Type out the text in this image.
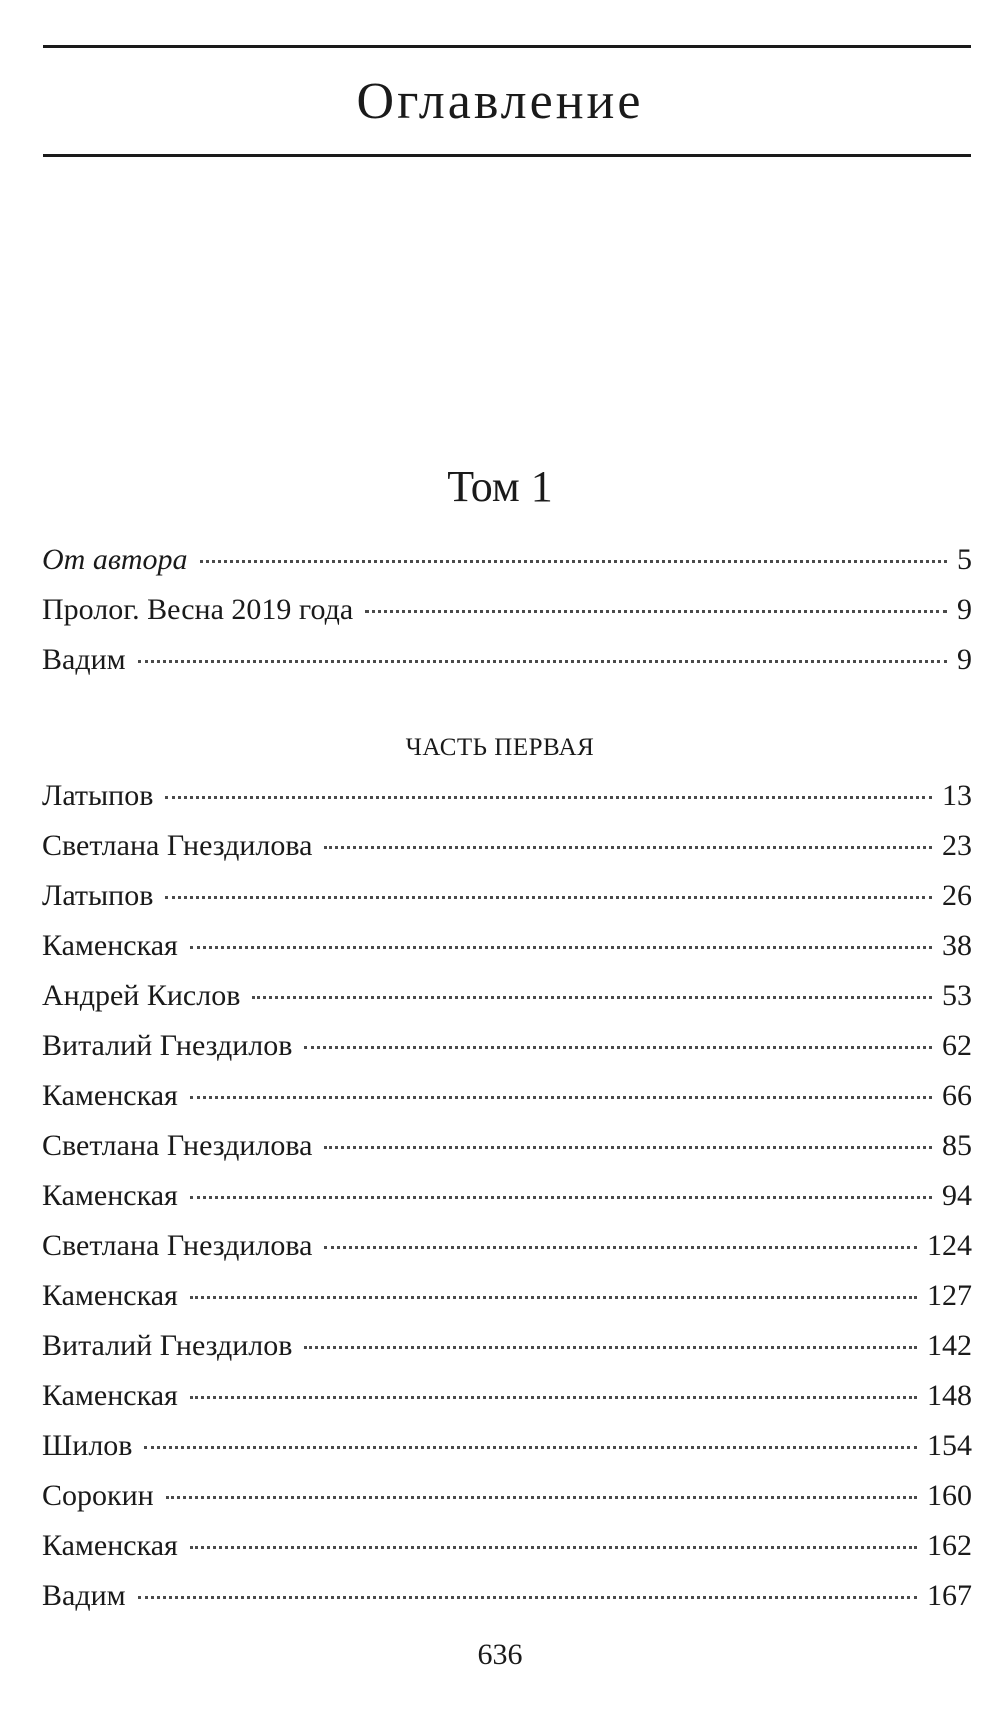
Оглавление
Том 1
От автора	5
Пролог. Весна 2019 года	9
Вадим	9
ЧАСТЬ ПЕРВАЯ
Латыпов	13
Светлана Гнездилова	23
Латыпов	26
Каменская	38
Андрей Кислов	53
Виталий Гнездилов	62
Каменская	66
Светлана Гнездилова	85
Каменская	94
Светлана Гнездилова	124
Каменская	127
Виталий Гнездилов	142
Каменская	148
Шилов	154
Сорокин	160
Каменская	162
Вадим	167
636
